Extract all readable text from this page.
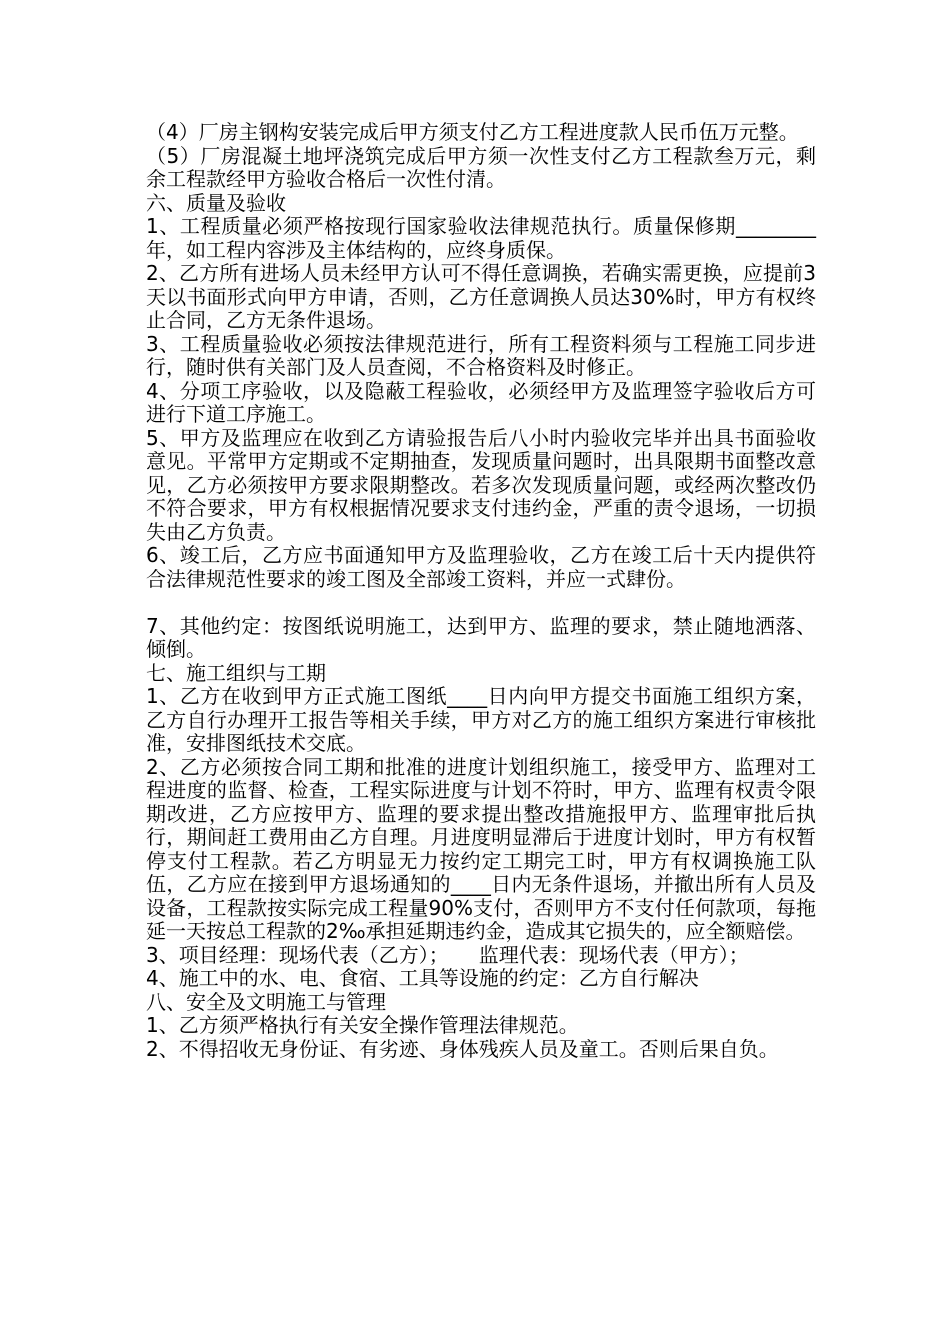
（4）厂房主钢构安装完成后甲方须支付乙方工程进度款人民币伍万元整。

（5）厂房混凝土地坪浇筑完成后甲方须一次性支付乙方工程款叁万元，剩余工程款经甲方验收合格后一次性付清。

六、质量及验收

1、工程质量必须严格按现行国家验收法律规范执行。质量保修期________年，如工程内容涉及主体结构的，应终身质保。

2、乙方所有进场人员未经甲方认可不得任意调换，若确实需更换，应提前3天以书面形式向甲方申请，否则，乙方任意调换人员达30%时，甲方有权终止合同，乙方无条件退场。

3、工程质量验收必须按法律规范进行，所有工程资料须与工程施工同步进行，随时供有关部门及人员查阅，不合格资料及时修正。

4、分项工序验收，以及隐蔽工程验收，必须经甲方及监理签字验收后方可进行下道工序施工。

5、甲方及监理应在收到乙方请验报告后八小时内验收完毕并出具书面验收意见。平常甲方定期或不定期抽查，发现质量问题时，出具限期书面整改意见，乙方必须按甲方要求限期整改。若多次发现质量问题，或经两次整改仍不符合要求，甲方有权根据情况要求支付违约金，严重的责令退场，一切损失由乙方负责。

6、竣工后，乙方应书面通知甲方及监理验收，乙方在竣工后十天内提供符合法律规范性要求的竣工图及全部竣工资料，并应一式肆份。

7、其他约定：按图纸说明施工，达到甲方、监理的要求，禁止随地洒落、倾倒。

七、施工组织与工期

1、乙方在收到甲方正式施工图纸____日内向甲方提交书面施工组织方案，乙方自行办理开工报告等相关手续，甲方对乙方的施工组织方案进行审核批准，安排图纸技术交底。

2、乙方必须按合同工期和批准的进度计划组织施工，接受甲方、监理对工程进度的监督、检查，工程实际进度与计划不符时，甲方、监理有权责令限期改进，乙方应按甲方、监理的要求提出整改措施报甲方、监理审批后执行，期间赶工费用由乙方自理。月进度明显滞后于进度计划时，甲方有权暂停支付工程款。若乙方明显无力按约定工期完工时，甲方有权调换施工队伍，乙方应在接到甲方退场通知的____日内无条件退场，并撤出所有人员及设备，工程款按实际完成工程量90%支付，否则甲方不支付任何款项，每拖延一天按总工程款的2‰承担延期违约金，造成其它损失的，应全额赔偿。

3、项目经理：现场代表（乙方）；　　监理代表：现场代表（甲方）；

4、施工中的水、电、食宿、工具等设施的约定：乙方自行解决

八、安全及文明施工与管理

1、乙方须严格执行有关安全操作管理法律规范。

2、不得招收无身份证、有劣迹、身体残疾人员及童工。否则后果自负。
